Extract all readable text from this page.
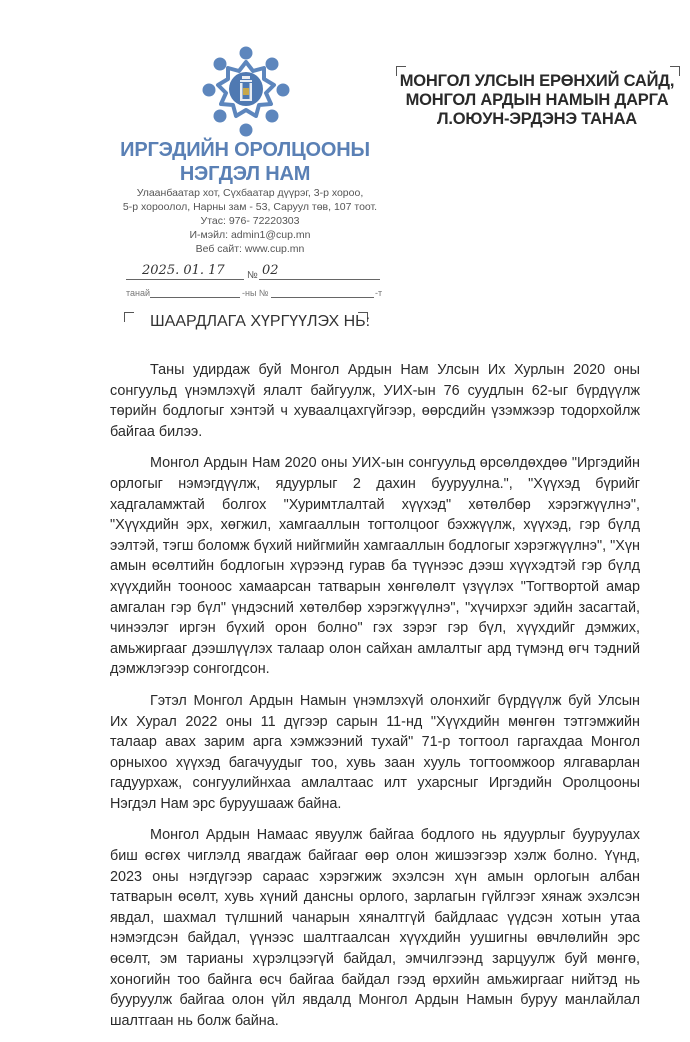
ИРГЭДИЙН ОРОЛЦООНЫ
НЭГДЭЛ НАМ
Улаанбаатар хот, Сүхбаатар дүүрэг, 3-р хороо,
5-р хороолол, Нарны зам - 53, Саруул төв, 107 тоот.
Утас: 976- 72220303
И-мэйл: admin1@cup.mn
Веб сайт: www.cup.mn
МОНГОЛ УЛСЫН ЕРӨНХИЙ САЙД,
МОНГОЛ АРДЫН НАМЫН ДАРГА
Л.ОЮУН-ЭРДЭНЭ ТАНАА
2025. 01. 17 № 02
танай	-ны №	-т
ШААРДЛАГА ХҮРГҮҮЛЭХ НЬ:

Таны удирдаж буй Монгол Ардын Нам Улсын Их Хурлын 2020 оны сонгуульд үнэмлэхүй ялалт байгуулж, УИХ-ын 76 суудлын 62-ыг бүрдүүлж төрийн бодлогыг хэнтэй ч хуваалцахгүйгээр, өөрсдийн үзэмжээр тодорхойлж байгаа билээ.

Монгол Ардын Нам 2020 оны УИХ-ын сонгуульд өрсөлдөхдөө "Иргэдийн орлогыг нэмэгдүүлж, ядуурлыг 2 дахин бууруулна.", "Хүүхэд бүрийг хадгаламжтай болгох "Хуримтлалтай хүүхэд" хөтөлбөр хэрэгжүүлнэ", "Хүүхдийн эрх, хөгжил, хамгааллын тогтолцоог бэхжүүлж, хүүхэд, гэр бүлд ээлтэй, тэгш боломж бүхий нийгмийн хамгааллын бодлогыг хэрэгжүүлнэ", "Хүн амын өсөлтийн бодлогын хүрээнд гурав ба түүнээс дээш хүүхэдтэй гэр бүлд хүүхдийн тооноос хамаарсан татварын хөнгөлөлт үзүүлэх "Тогтвортой амар амгалан гэр бүл" үндэсний хөтөлбөр хэрэгжүүлнэ", "хүчирхэг эдийн засагтай, чинээлэг иргэн бүхий орон болно" гэх зэрэг гэр бүл, хүүхдийг дэмжих, амьжиргааг дээшлүүлэх талаар олон сайхан амлалтыг ард түмэнд өгч тэдний дэмжлэгээр сонгогдсон.

Гэтэл Монгол Ардын Намын үнэмлэхүй олонхийг бүрдүүлж буй Улсын Их Хурал 2022 оны 11 дүгээр сарын 11-нд "Хүүхдийн мөнгөн тэтгэмжийн талаар авах зарим арга хэмжээний тухай" 71-р тогтоол гаргахдаа Монгол орныхоо хүүхэд багачуудыг тоо, хувь заан хууль тогтоомжоор ялгаварлан гадуурхаж, сонгуулийнхаа амлалтаас илт ухарсныг Иргэдийн Оролцооны Нэгдэл Нам эрс буруушааж байна.

Монгол Ардын Намаас явуулж байгаа бодлого нь ядуурлыг бууруулах биш өсгөх чиглэлд явагдаж байгааг өөр олон жишээгээр хэлж болно. Үүнд, 2023 оны нэгдүгээр сараас хэрэгжиж эхэлсэн хүн амын орлогын албан татварын өсөлт, хувь хүний дансны орлого, зарлагын гүйлгээг хянаж эхэлсэн явдал, шахмал түлшний чанарын хяналтгүй байдлаас үүдсэн хотын утаа нэмэгдсэн байдал, үүнээс шалтгаалсан хүүхдийн уушигны өвчлөлийн эрс өсөлт, эм тарианы хүрэлцээгүй байдал, эмчилгээнд зарцуулж буй мөнгө, хоногийн тоо байнга өсч байгаа байдал гээд өрхийн амьжиргааг нийтэд нь бууруулж байгаа олон үйл явдалд Монгол Ардын Намын буруу манлайлал шалтгаан нь болж байна.
